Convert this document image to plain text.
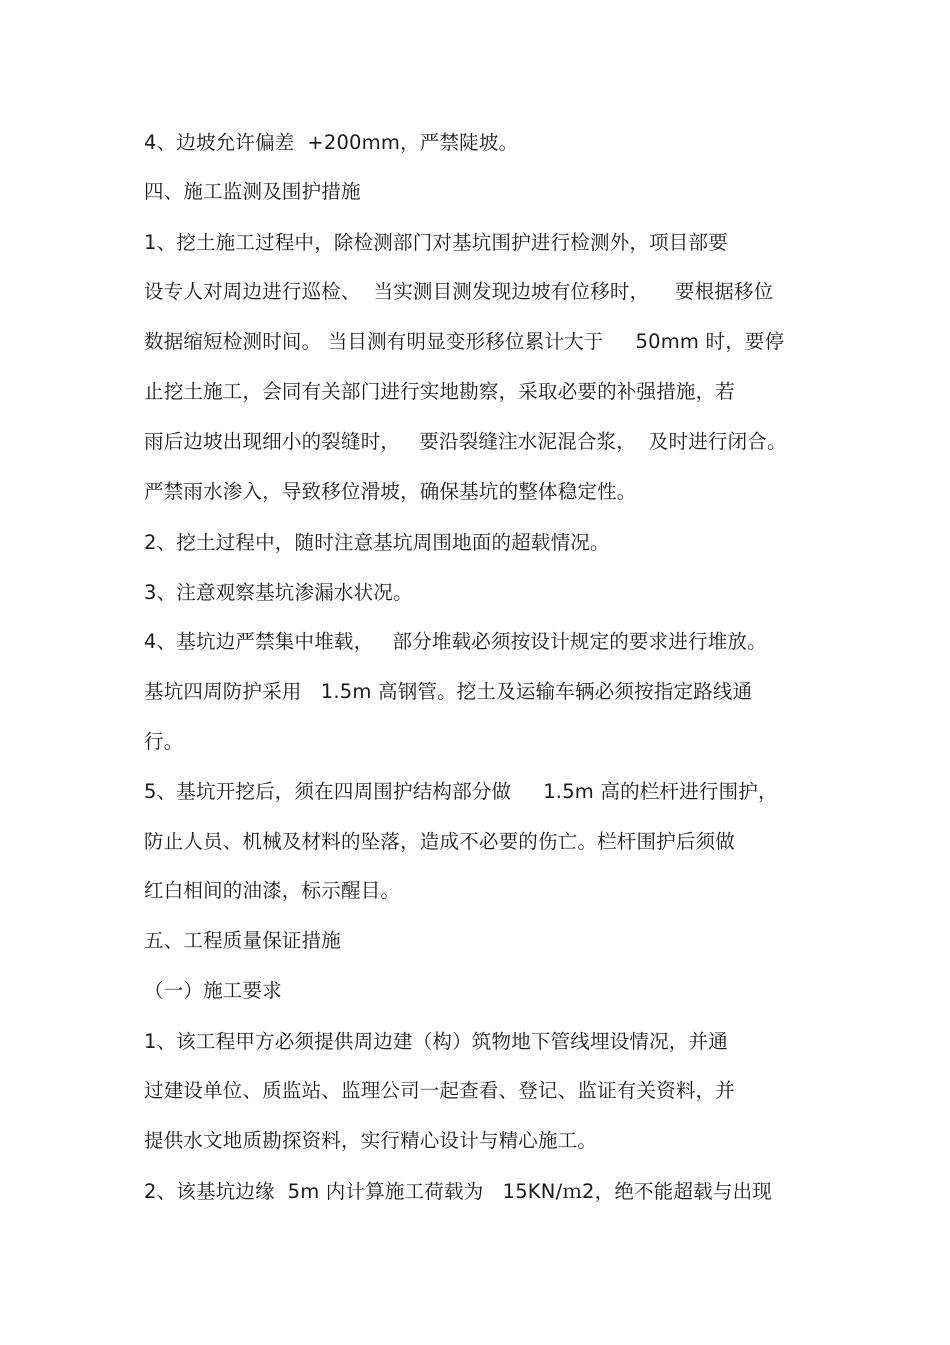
4、边坡允许偏差  +200mm，严禁陡坡。
四、施工监测及围护措施
1、挖土施工过程中，除检测部门对基坑围护进行检测外，项目部要
设专人对周边进行巡检、  当实测目测发现边坡有位移时，    要根据移位
数据缩短检测时间。 当目测有明显变形移位累计大于     50mm 时，要停
止挖土施工，会同有关部门进行实地勘察，采取必要的补强措施，若
雨后边坡出现细小的裂缝时，   要沿裂缝注水泥混合浆，  及时进行闭合。
严禁雨水渗入，导致移位滑坡，确保基坑的整体稳定性。
2、挖土过程中，随时注意基坑周围地面的超载情况。
3、注意观察基坑渗漏水状况。
4、基坑边严禁集中堆载，   部分堆载必须按设计规定的要求进行堆放。
基坑四周防护采用   1.5m 高钢管。挖土及运输车辆必须按指定路线通
行。
5、基坑开挖后，须在四周围护结构部分做     1.5m 高的栏杆进行围护，
防止人员、机械及材料的坠落，造成不必要的伤亡。栏杆围护后须做
红白相间的油漆，标示醒目。
五、工程质量保证措施
（一）施工要求
1、该工程甲方必须提供周边建（构）筑物地下管线埋设情况，并通
过建设单位、质监站、监理公司一起查看、登记、监证有关资料，并
提供水文地质勘探资料，实行精心设计与精心施工。
2、该基坑边缘  5m 内计算施工荷载为   15KN/ｍ2，绝不能超载与出现
